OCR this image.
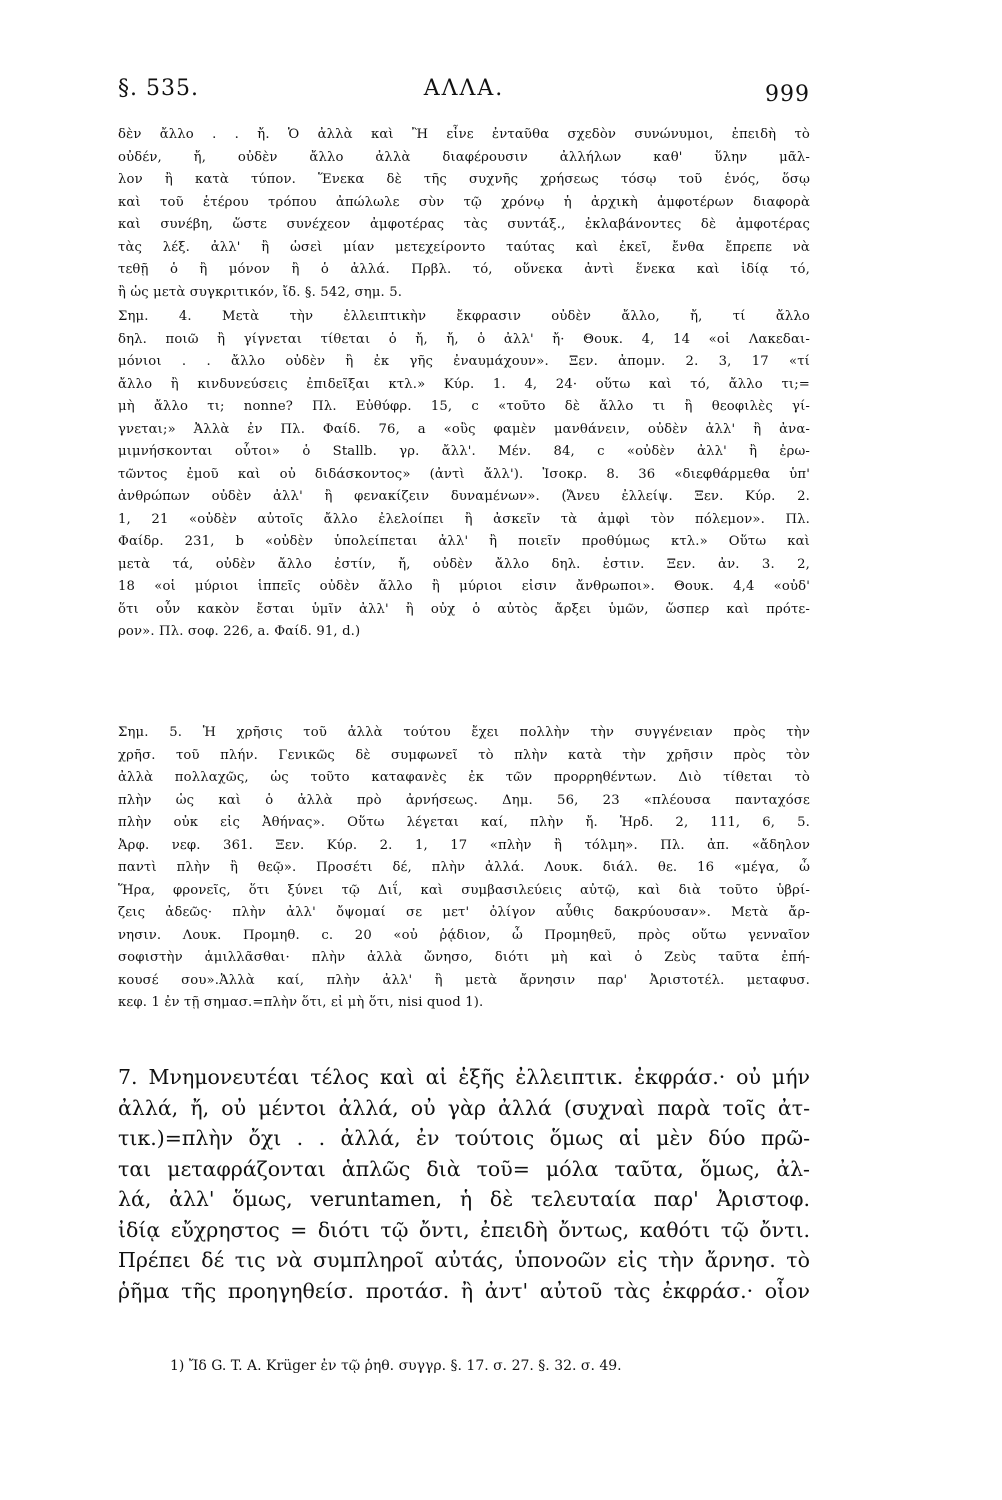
§. 535.	ΑΛΛΑ.	999
δὲν ἄλλο . . ἤ. Ὁ ἀλλὰ καὶ Ἢ εἶνε ἐνταῦθα σχεδὸν συνώνυμοι, ἐπειδὴ τὸ
οὐδέν, ἤ, οὐδὲν ἄλλο ἀλλὰ διαφέρουσιν ἀλλήλων καθ' ὕλην μᾶλ-
λον ἢ κατὰ τύπον. Ἕνεκα δὲ τῆς συχνῆς χρήσεως τόσῳ τοῦ ἑνός, ὅσῳ
καὶ τοῦ ἑτέρου τρόπου ἀπώλωλε σὺν τῷ χρόνῳ ἡ ἀρχικὴ ἀμφοτέρων διαφορὰ
καὶ συνέβη, ὥστε συνέχεον ἀμφοτέρας τὰς συντάξ., ἐκλαβάνοντες δὲ ἀμφοτέρας
τὰς λέξ. ἀλλ' ἢ ὡσεὶ μίαν μετεχείροντο ταύτας καὶ ἐκεῖ, ἔνθα ἔπρεπε νὰ
τεθῇ ὁ ἢ μόνον ἢ ὁ ἀλλά. Πρβλ. τό, οὕνεκα ἀντὶ ἕνεκα καὶ ἰδίᾳ τό,
ἢ ὡς μετὰ συγκριτικόν, ἴδ. §. 542, σημ. 5.
Σημ. 4. Μετὰ τὴν ἐλλειπτικὴν ἔκφρασιν οὐδὲν ἄλλο, ἤ, τί ἄλλο
δηλ. ποιῶ ἢ γίγνεται τίθεται ὁ ἤ, ἤ, ὁ ἀλλ' ἤ· Θουκ. 4, 14 «οἱ Λακεδαι-
μόνιοι . . ἄλλο οὐδὲν ἢ ἐκ γῆς ἐναυμάχουν». Ξεν. ἀπομν. 2. 3, 17 «τί
ἄλλο ἢ κινδυνεύσεις ἐπιδεῖξαι κτλ.» Κύρ. 1. 4, 24· οὕτω καὶ τό, ἄλλο τι;=
μὴ ἄλλο τι; nonne? Πλ. Εὐθύφρ. 15, c «τοῦτο δὲ ἄλλο τι ἢ θεοφιλὲς γί-
γνεται;» Ἀλλὰ ἐν Πλ. Φαίδ. 76, a «οὓς φαμὲν μανθάνειν, οὐδὲν ἀλλ' ἢ ἀνα-
μιμνήσκονται οὗτοι» ὁ Stallb. γρ. ἄλλ'. Μέν. 84, c «οὐδὲν ἀλλ' ἢ ἐρω-
τῶντος ἐμοῦ καὶ οὐ διδάσκοντος» (ἀντὶ ἄλλ'). Ἰσοκρ. 8. 36 «διεφθάρμεθα ὑπ'
ἀνθρώπων οὐδὲν ἀλλ' ἢ φενακίζειν δυναμένων». (Ἄνευ ἐλλείψ. Ξεν. Κύρ. 2.
1, 21 «οὐδὲν αὐτοῖς ἄλλο ἐλελοίπει ἢ ἀσκεῖν τὰ ἀμφὶ τὸν πόλεμον». Πλ.
Φαίδρ. 231, b «οὐδὲν ὑπολείπεται ἀλλ' ἢ ποιεῖν προθύμως κτλ.» Οὕτω καὶ
μετὰ τά, οὐδὲν ἄλλο ἐστίν, ἤ, οὐδὲν ἄλλο δηλ. ἐστιν. Ξεν. ἀν. 3. 2,
18 «οἱ μύριοι ἱππεῖς οὐδὲν ἄλλο ἢ μύριοι εἰσιν ἄνθρωποι». Θουκ. 4,4 «οὐδ'
ὅτι οὖν κακὸν ἔσται ὑμῖν ἀλλ' ἢ οὐχ ὁ αὐτὸς ἄρξει ὑμῶν, ὥσπερ καὶ πρότε-
ρον». Πλ. σοφ. 226, a. Φαίδ. 91, d.)
Σημ. 5. Ἡ χρῆσις τοῦ ἀλλὰ τούτου ἔχει πολλὴν τὴν συγγένειαν πρὸς τὴν
χρῆσ. τοῦ πλήν. Γενικῶς δὲ συμφωνεῖ τὸ πλὴν κατὰ τὴν χρῆσιν πρὸς τὸν
ἀλλὰ πολλαχῶς, ὡς τοῦτο καταφανὲς ἐκ τῶν προρρηθέντων. Διὸ τίθεται τὸ
πλὴν ὡς καὶ ὁ ἀλλὰ πρὸ ἀρνήσεως. Δημ. 56, 23 «πλέουσα πανταχόσε
πλὴν οὐκ εἰς Ἀθήνας». Οὕτω λέγεται καί, πλὴν ἤ. Ἡρδ. 2, 111, 6, 5.
Ἀρφ. νεφ. 361. Ξεν. Κύρ. 2. 1, 17 «πλὴν ἢ τόλμη». Πλ. ἀπ. «ἄδηλον
παντὶ πλὴν ἢ θεῷ». Προσέτι δέ, πλὴν ἀλλά. Λουκ. διάλ. θε. 16 «μέγα, ὦ
Ἥρα, φρονεῖς, ὅτι ξύνει τῷ Διΐ, καὶ συμβασιλεύεις αὐτῷ, καὶ διὰ τοῦτο ὑβρί-
ζεις ἀδεῶς· πλὴν ἀλλ' ὄψομαί σε μετ' ὀλίγον αὖθις δακρύουσαν». Μετὰ ἄρ-
νησιν. Λουκ. Προμηθ. c. 20 «οὐ ῥᾴδιον, ὦ Προμηθεῦ, πρὸς οὕτω γενναῖον
σοφιστὴν ἁμιλλᾶσθαι· πλὴν ἀλλὰ ὤνησο, διότι μὴ καὶ ὁ Ζεὺς ταῦτα ἐπή-
κουσέ σου».Ἀλλὰ καί, πλὴν ἀλλ' ἢ μετὰ ἄρνησιν παρ' Ἀριστοτέλ. μεταφυσ.
κεφ. 1 ἐν τῇ σημασ.=πλὴν ὅτι, εἰ μὴ ὅτι, nisi quod 1).
7. Μνημονευτέαι τέλος καὶ αἱ ἑξῆς ἐλλειπτικ. ἐκφράσ.· οὐ μήν
ἀλλά, ἤ, οὐ μέντοι ἀλλά, οὐ γὰρ ἀλλά (συχναὶ παρὰ τοῖς ἀτ-
τικ.)=πλὴν ὄχι . . ἀλλά, ἐν τούτοις ὅμως αἱ μὲν δύο πρῶ-
ται μεταφράζονται ἁπλῶς διὰ τοῦ= μόλα ταῦτα, ὅμως, ἀλ-
λά, ἀλλ' ὅμως, veruntamen, ἡ δὲ τελευταία παρ' Ἀριστοφ.
ἰδίᾳ εὔχρηστος = διότι τῷ ὄντι, ἐπειδὴ ὄντως, καθότι τῷ ὄντι.
Πρέπει δέ τις νὰ συμπληροῖ αὐτάς, ὑπονοῶν εἰς τὴν ἄρνησ. τὸ
ῥῆμα τῆς προηγηθείσ. προτάσ. ἢ ἀντ' αὐτοῦ τὰς ἐκφράσ.· οἷον
1) Ἴδ G. T. A. Krüger ἐν τῷ ῥηθ. συγγρ. §. 17. σ. 27. §. 32. σ. 49.
